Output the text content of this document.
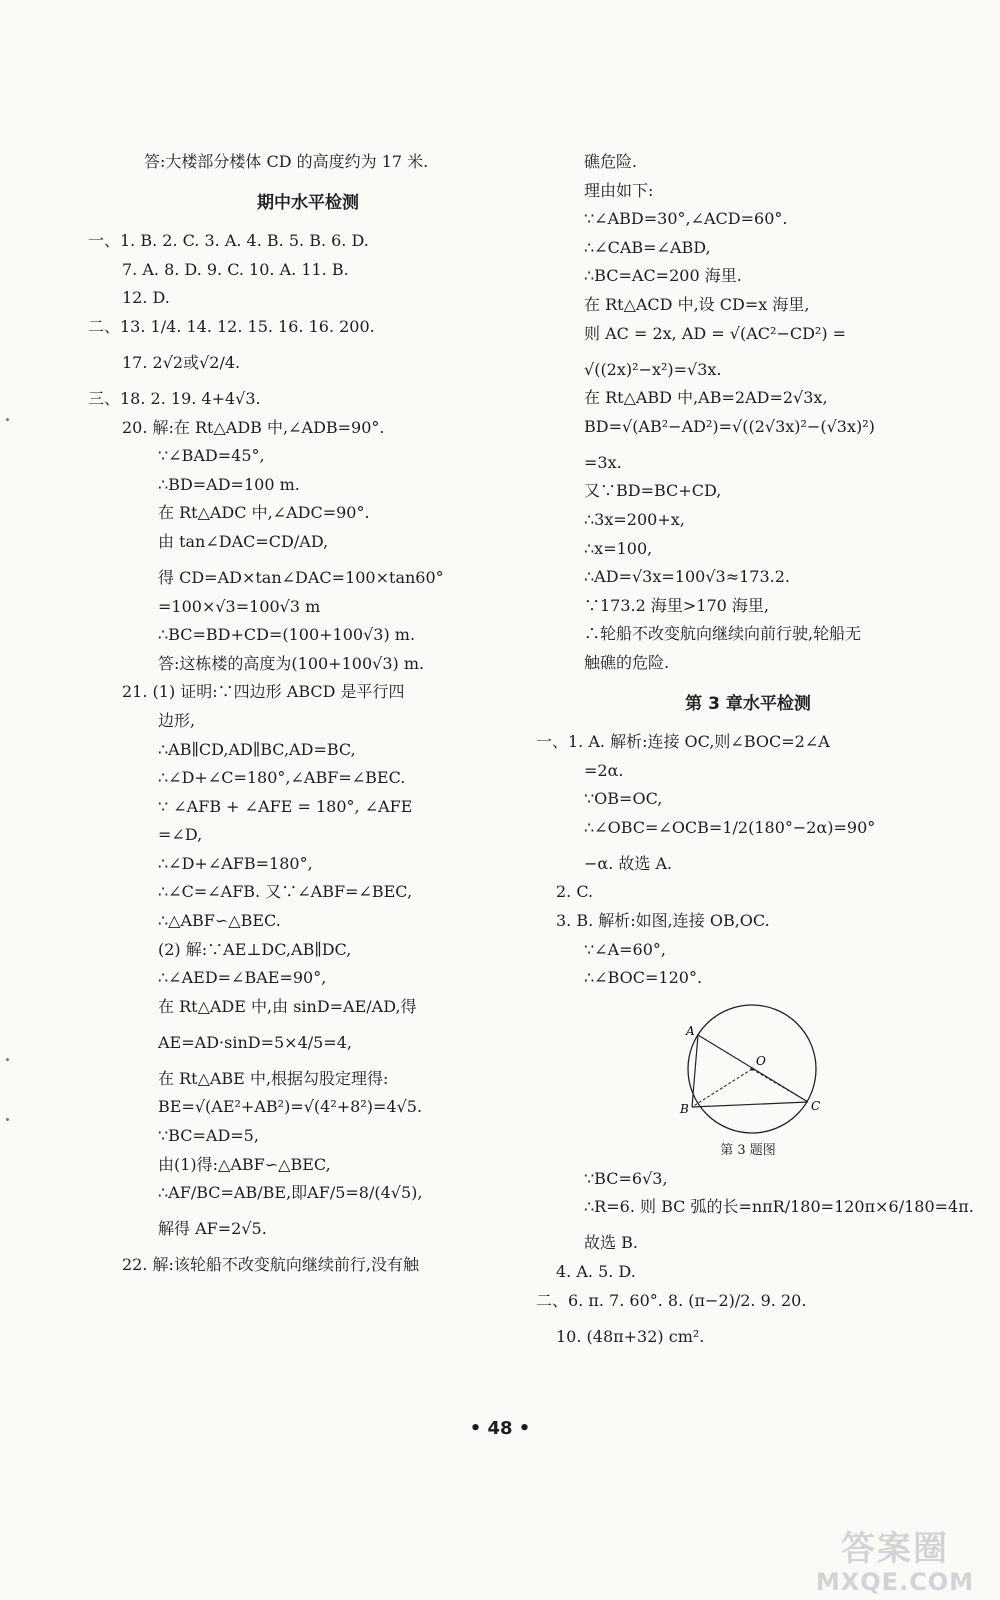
答:大楼部分楼体 CD 的高度约为 17 米.
期中水平检测
一、1. B. 2. C. 3. A. 4. B. 5. B. 6. D.
7. A. 8. D. 9. C. 10. A. 11. B.
12. D.
二、13. 1/4. 14. 12. 15. 16. 16. 200.
17. 2√2或√2/4.
三、18. 2. 19. 4+4√3.
20. 解:在 Rt△ADB 中,∠ADB=90°.
∵∠BAD=45°,
∴BD=AD=100 m.
在 Rt△ADC 中,∠ADC=90°.
由 tan∠DAC=CD/AD,
得 CD=AD×tan∠DAC=100×tan60°
=100×√3=100√3 m
∴BC=BD+CD=(100+100√3) m.
答:这栋楼的高度为(100+100√3) m.
21. (1) 证明:∵四边形 ABCD 是平行四
边形,
∴AB∥CD,AD∥BC,AD=BC,
∴∠D+∠C=180°,∠ABF=∠BEC.
∵ ∠AFB + ∠AFE = 180°, ∠AFE
=∠D,
∴∠D+∠AFB=180°,
∴∠C=∠AFB. 又∵∠ABF=∠BEC,
∴△ABF∽△BEC.
(2) 解:∵AE⊥DC,AB∥DC,
∴∠AED=∠BAE=90°,
在 Rt△ADE 中,由 sinD=AE/AD,得
AE=AD·sinD=5×4/5=4,
在 Rt△ABE 中,根据勾股定理得:
BE=√(AE²+AB²)=√(4²+8²)=4√5.
∵BC=AD=5,
由(1)得:△ABF∽△BEC,
∴AF/BC=AB/BE,即AF/5=8/(4√5),
解得 AF=2√5.
22. 解:该轮船不改变航向继续前行,没有触
礁危险.
理由如下:
∵∠ABD=30°,∠ACD=60°.
∴∠CAB=∠ABD,
∴BC=AC=200 海里.
在 Rt△ACD 中,设 CD=x 海里,
则 AC = 2x, AD = √(AC²−CD²) =
√((2x)²−x²)=√3x.
在 Rt△ABD 中,AB=2AD=2√3x,
BD=√(AB²−AD²)=√((2√3x)²−(√3x)²)
=3x.
又∵BD=BC+CD,
∴3x=200+x,
∴x=100,
∴AD=√3x=100√3≈173.2.
∵173.2 海里>170 海里,
∴轮船不改变航向继续向前行驶,轮船无
触礁的危险.
第 3 章水平检测
一、1. A. 解析:连接 OC,则∠BOC=2∠A
=2α.
∵OB=OC,
∴∠OBC=∠OCB=1/2(180°−2α)=90°
−α. 故选 A.
2. C.
3. B. 解析:如图,连接 OB,OC.
∵∠A=60°,
∴∠BOC=120°.
A
O
B	C
第 3 题图
∵BC=6√3,
∴R=6. 则 BC 弧的长=nπR/180=120π×6/180=4π.
故选 B.
4. A. 5. D.
二、6. π. 7. 60°. 8. (π−2)/2. 9. 20.
10. (48π+32) cm².
• 48 •
答案圈
MXQE.COM
